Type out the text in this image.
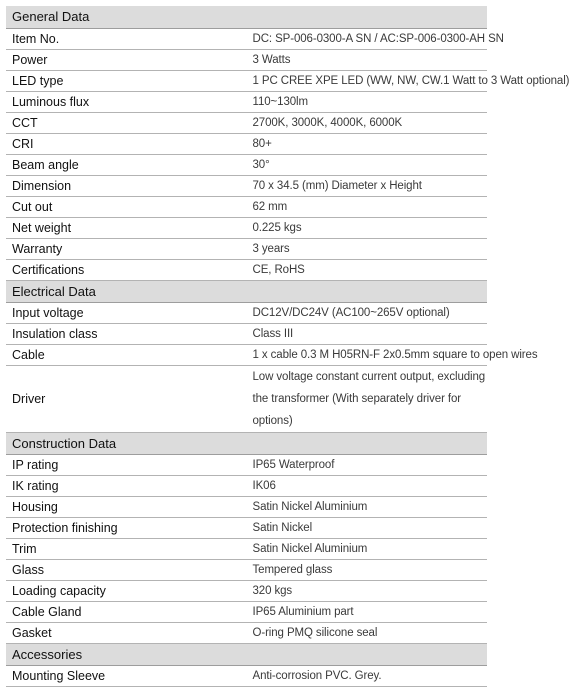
General Data	
Item No.	DC: SP-006-0300-A SN / AC:SP-006-0300-AH SN
Power	3 Watts
LED type	1 PC CREE XPE LED (WW, NW, CW.1 Watt to 3 Watt optional)
Luminous flux	110~130lm
CCT	2700K, 3000K, 4000K, 6000K
CRI	80+
Beam angle	30°
Dimension	70 x 34.5 (mm) Diameter x Height
Cut out	62 mm
Net weight	0.225 kgs
Warranty	3 years
Certifications	CE, RoHS
Electrical Data	
Input voltage	DC12V/DC24V (AC100~265V optional)
Insulation class	Class III
Cable	1 x cable 0.3 M H05RN-F 2x0.5mm square to open wires
Driver	Low voltage constant current output, excluding the transformer (With separately driver for options)
Construction Data	
IP rating	IP65 Waterproof
IK rating	IK06
Housing	Satin Nickel Aluminium
Protection finishing	Satin Nickel
Trim	Satin Nickel Aluminium
Glass	Tempered glass
Loading capacity	320 kgs
Cable Gland	IP65 Aluminium part
Gasket	O-ring PMQ silicone seal
Accessories	
Mounting Sleeve	Anti-corrosion PVC. Grey.
